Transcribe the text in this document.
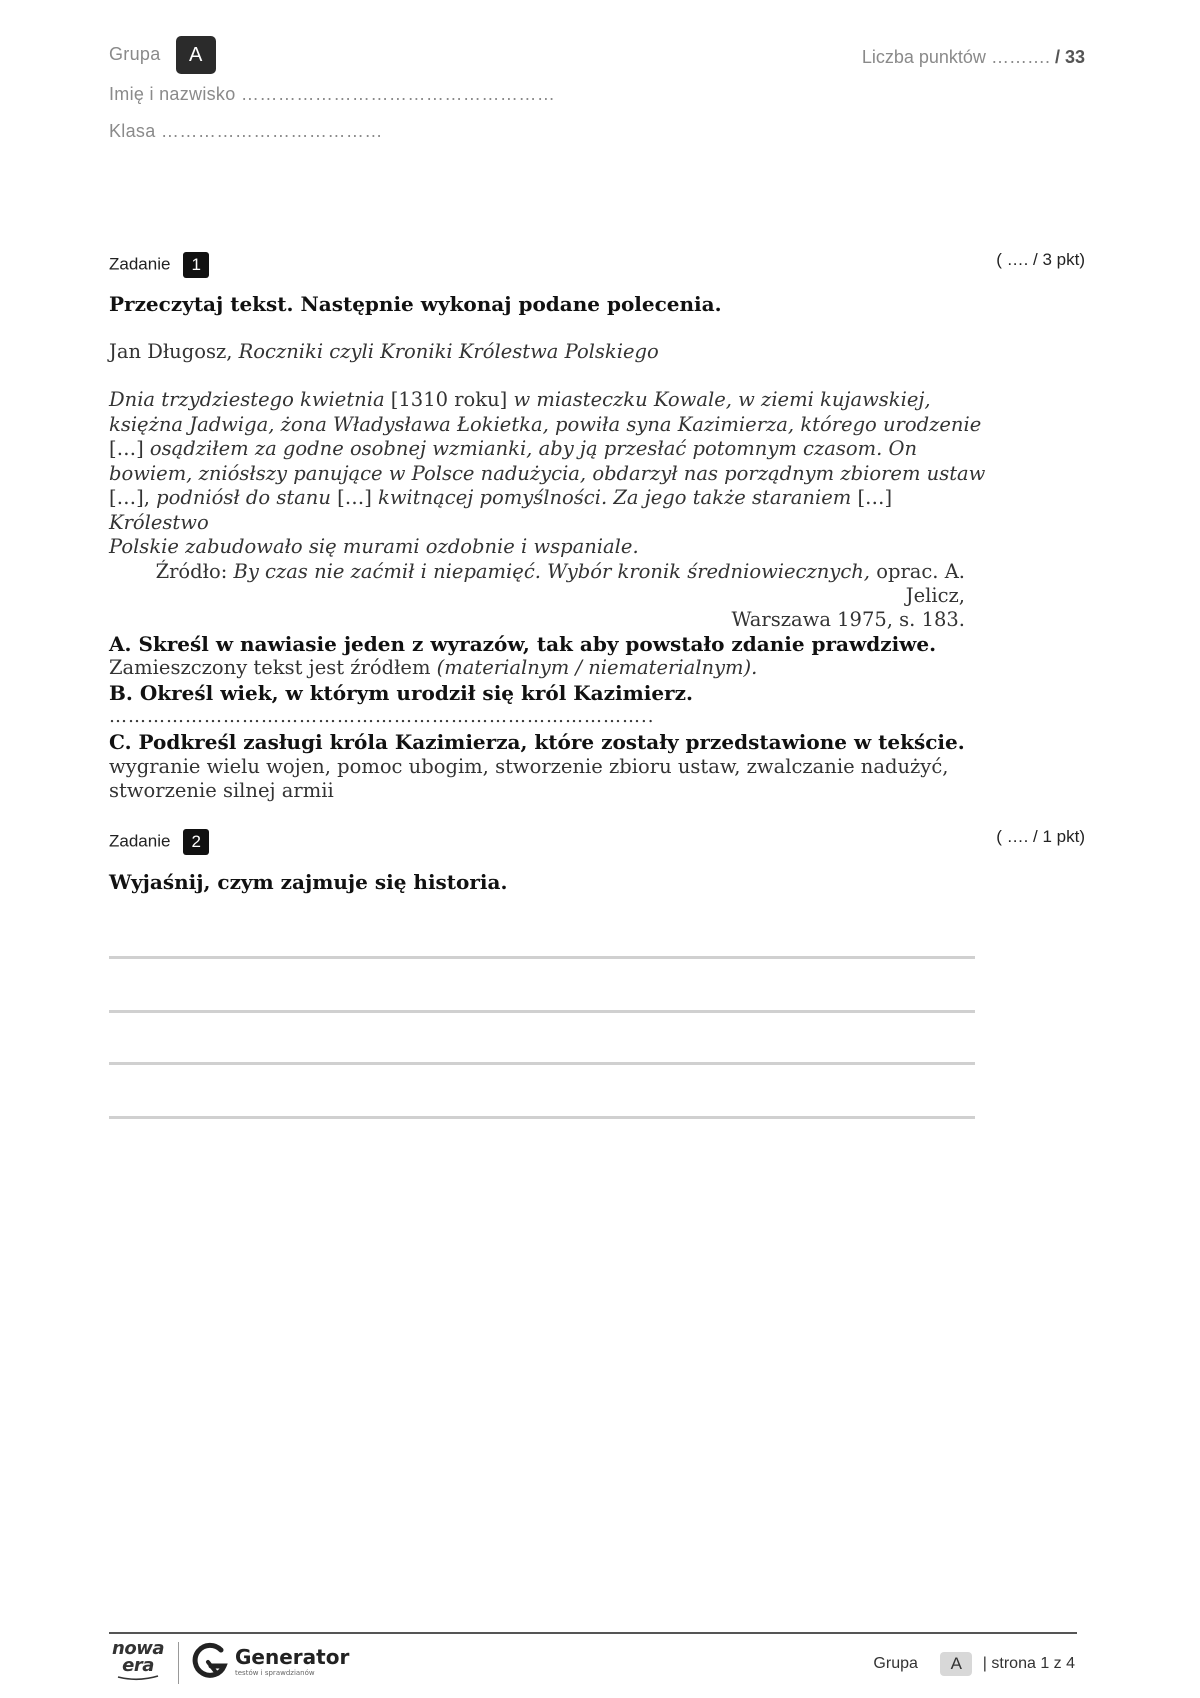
Grupa A
Imię i nazwisko ……………………………………………
Klasa ………………………………
Liczba punktów ………. / 33
Zadanie 1	( …. / 3 pkt)
Przeczytaj tekst. Następnie wykonaj podane polecenia.
Jan Długosz, Roczniki czyli Kroniki Królestwa Polskiego
Dnia trzydziestego kwietnia [1310 roku] w miasteczku Kowale, w ziemi kujawskiej,
księżna Jadwiga, żona Władysława Łokietka, powiła syna Kazimierza, którego urodzenie
[…] osądziłem za godne osobnej wzmianki, aby ją przesłać potomnym czasom. On
bowiem, zniósłszy panujące w Polsce nadużycia, obdarzył nas porządnym zbiorem ustaw
[…], podniósł do stanu […] kwitnącej pomyślności. Za jego także staraniem […] Królestwo
Polskie zabudowało się murami ozdobnie i wspaniale.
Źródło: By czas nie zaćmił i niepamięć. Wybór kronik średniowiecznych, oprac. A. Jelicz,
Warszawa 1975, s. 183.
A. Skreśl w nawiasie jeden z wyrazów, tak aby powstało zdanie prawdziwe.
Zamieszczony tekst jest źródłem (materialnym / niematerialnym).
B. Określ wiek, w którym urodził się król Kazimierz.
…………………………………………………………………………..
C. Podkreśl zasługi króla Kazimierza, które zostały przedstawione w tekście.
wygranie wielu wojen, pomoc ubogim, stworzenie zbioru ustaw, zwalczanie nadużyć,
stworzenie silnej armii
Zadanie 2	( …. / 1 pkt)
Wyjaśnij, czym zajmuje się historia.
nowa
era	Generator
testów i sprawdzianów
Grupa A | strona 1 z 4
